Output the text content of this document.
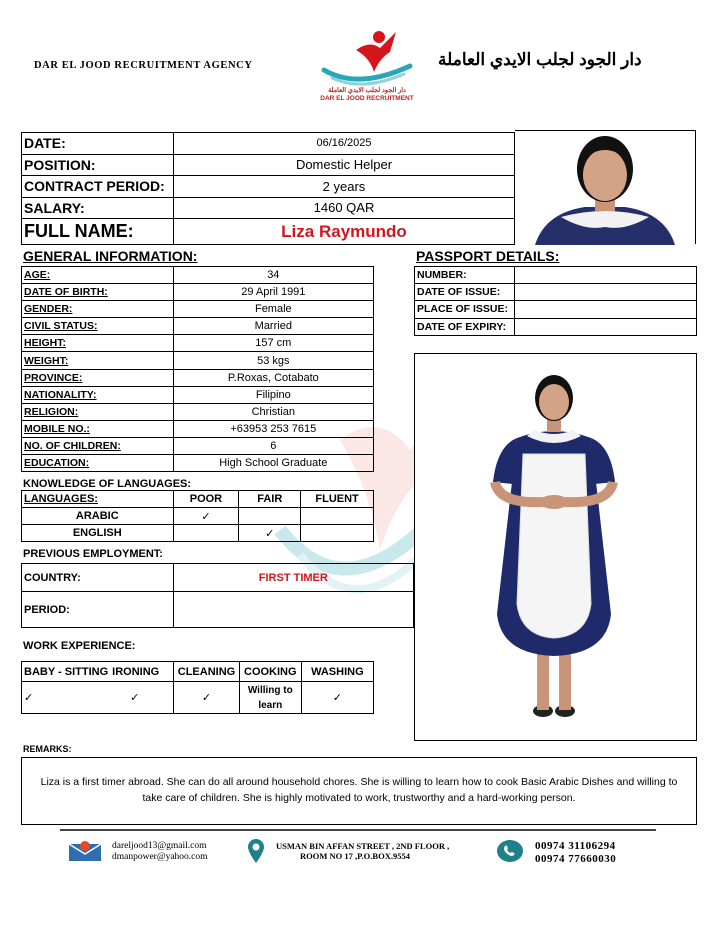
DAR EL JOOD RECRUITMENT AGENCY
دار الجود لجلب الايدي العاملة
DAR EL JOOD RECRUITMENT
دار الجود لجلب الايدي العاملة
DATE:	06/16/2025
POSITION:	Domestic Helper
CONTRACT PERIOD:	2 years
SALARY:	1460 QAR
FULL NAME:	Liza Raymundo
GENERAL INFORMATION:
AGE:	34
DATE OF BIRTH:	29 April 1991
GENDER:	Female
CIVIL STATUS:	Married
HEIGHT:	157 cm
WEIGHT:	53 kgs
PROVINCE:	P.Roxas, Cotabato
NATIONALITY:	Filipino
RELIGION:	Christian
MOBILE NO.:	+63953 253 7615
NO. OF CHILDREN:	6
EDUCATION:	High School Graduate
PASSPORT DETAILS:
NUMBER:	
DATE OF ISSUE:	
PLACE OF ISSUE:	
DATE OF EXPIRY:	
KNOWLEDGE OF LANGUAGES:
LANGUAGES:	POOR	FAIR	FLUENT
ARABIC	✓		
ENGLISH		✓	
PREVIOUS EMPLOYMENT:
COUNTRY:	FIRST TIMER
PERIOD:	
WORK EXPERIENCE:
BABY - SITTING	IRONING	CLEANING	COOKING	WASHING
✓	✓	✓	Willing to learn	✓
REMARKS:
Liza is a first timer abroad. She can do all around household chores. She is willing to learn how to cook Basic Arabic Dishes and willing to take care of children. She is highly motivated to work, trustworthy and a hard-working person.
dareljood13@gmail.com
dmanpower@yahoo.com
USMAN BIN AFFAN STREET , 2ND FLOOR ,
ROOM NO 17 ,P.O.BOX.9554
00974 31106294
00974 77660030
